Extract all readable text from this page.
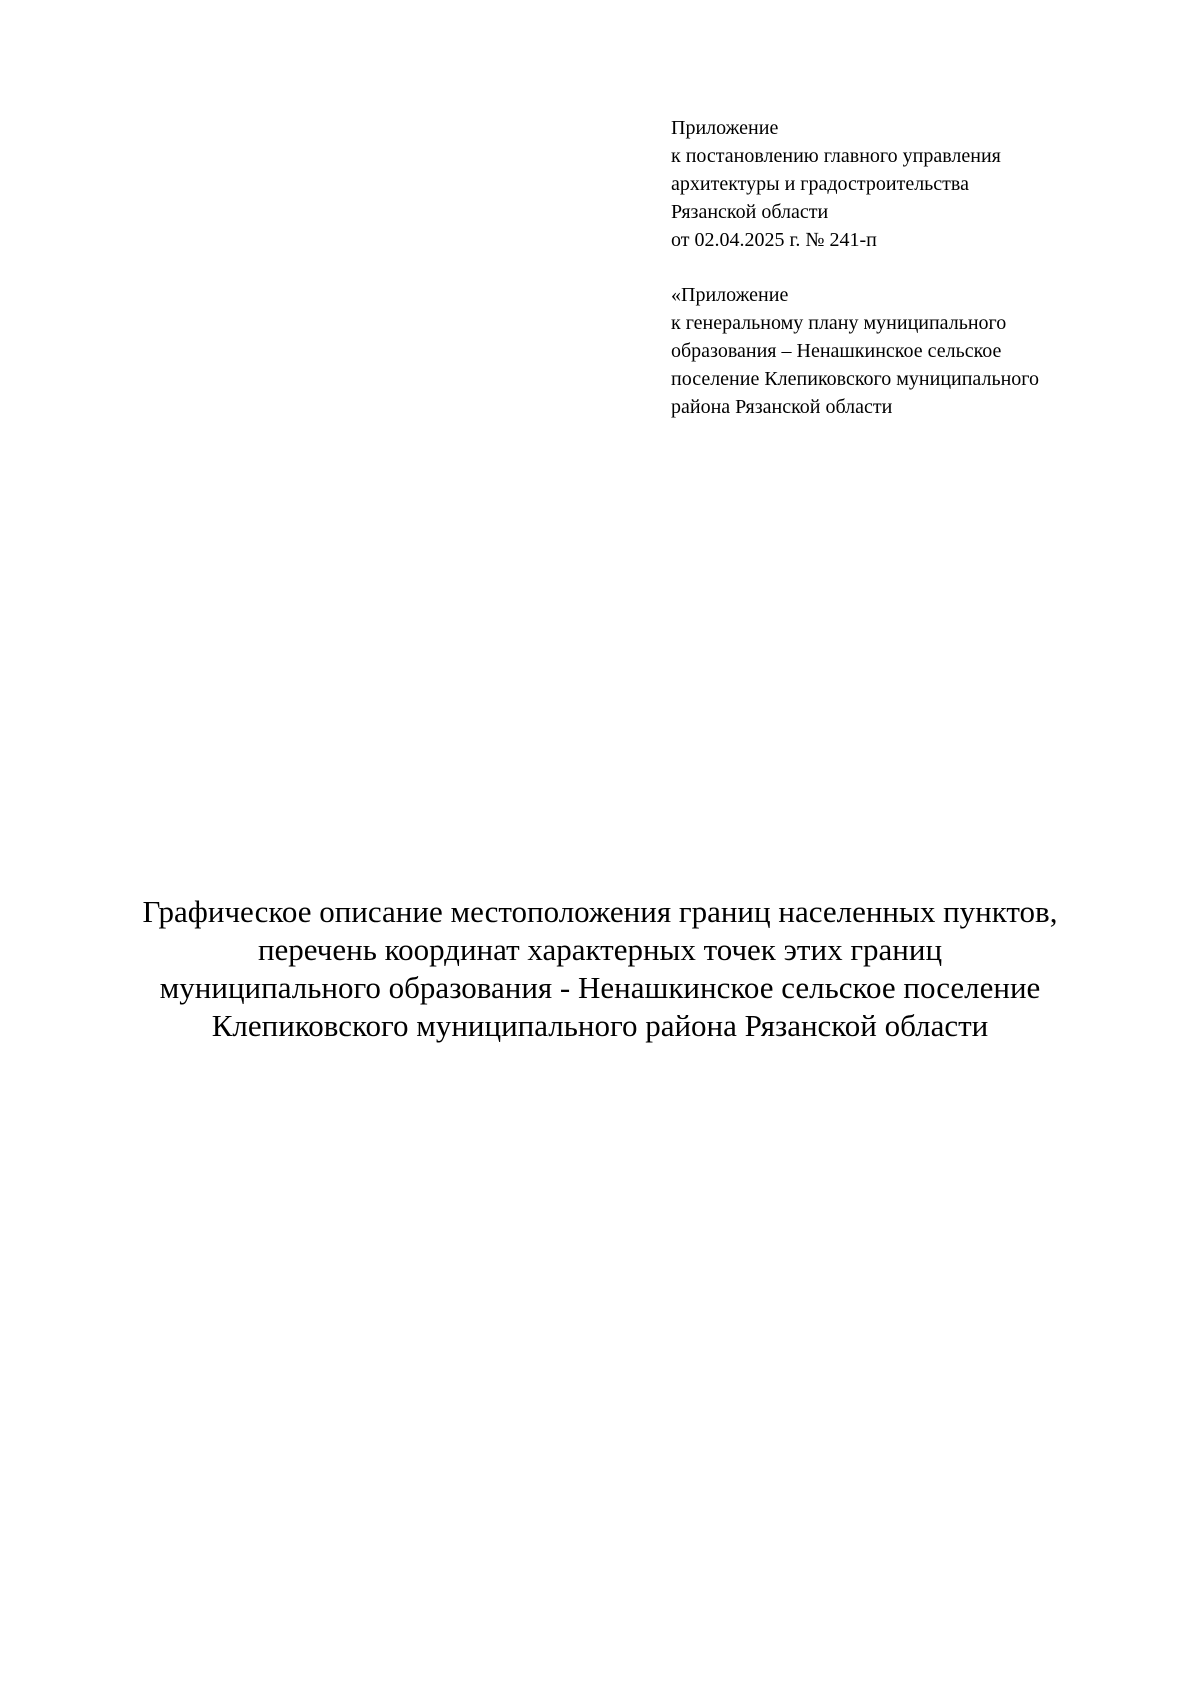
Приложение
к постановлению главного управления
архитектуры и градостроительства
Рязанской области
от 02.04.2025 г. № 241-п
«Приложение
к генеральному плану муниципального
образования – Ненашкинское сельское
поселение Клепиковского муниципального
района Рязанской области
Графическое описание местоположения границ населенных пунктов,
перечень координат характерных точек этих границ
муниципального образования - Ненашкинское сельское поселение
Клепиковского муниципального района Рязанской области
